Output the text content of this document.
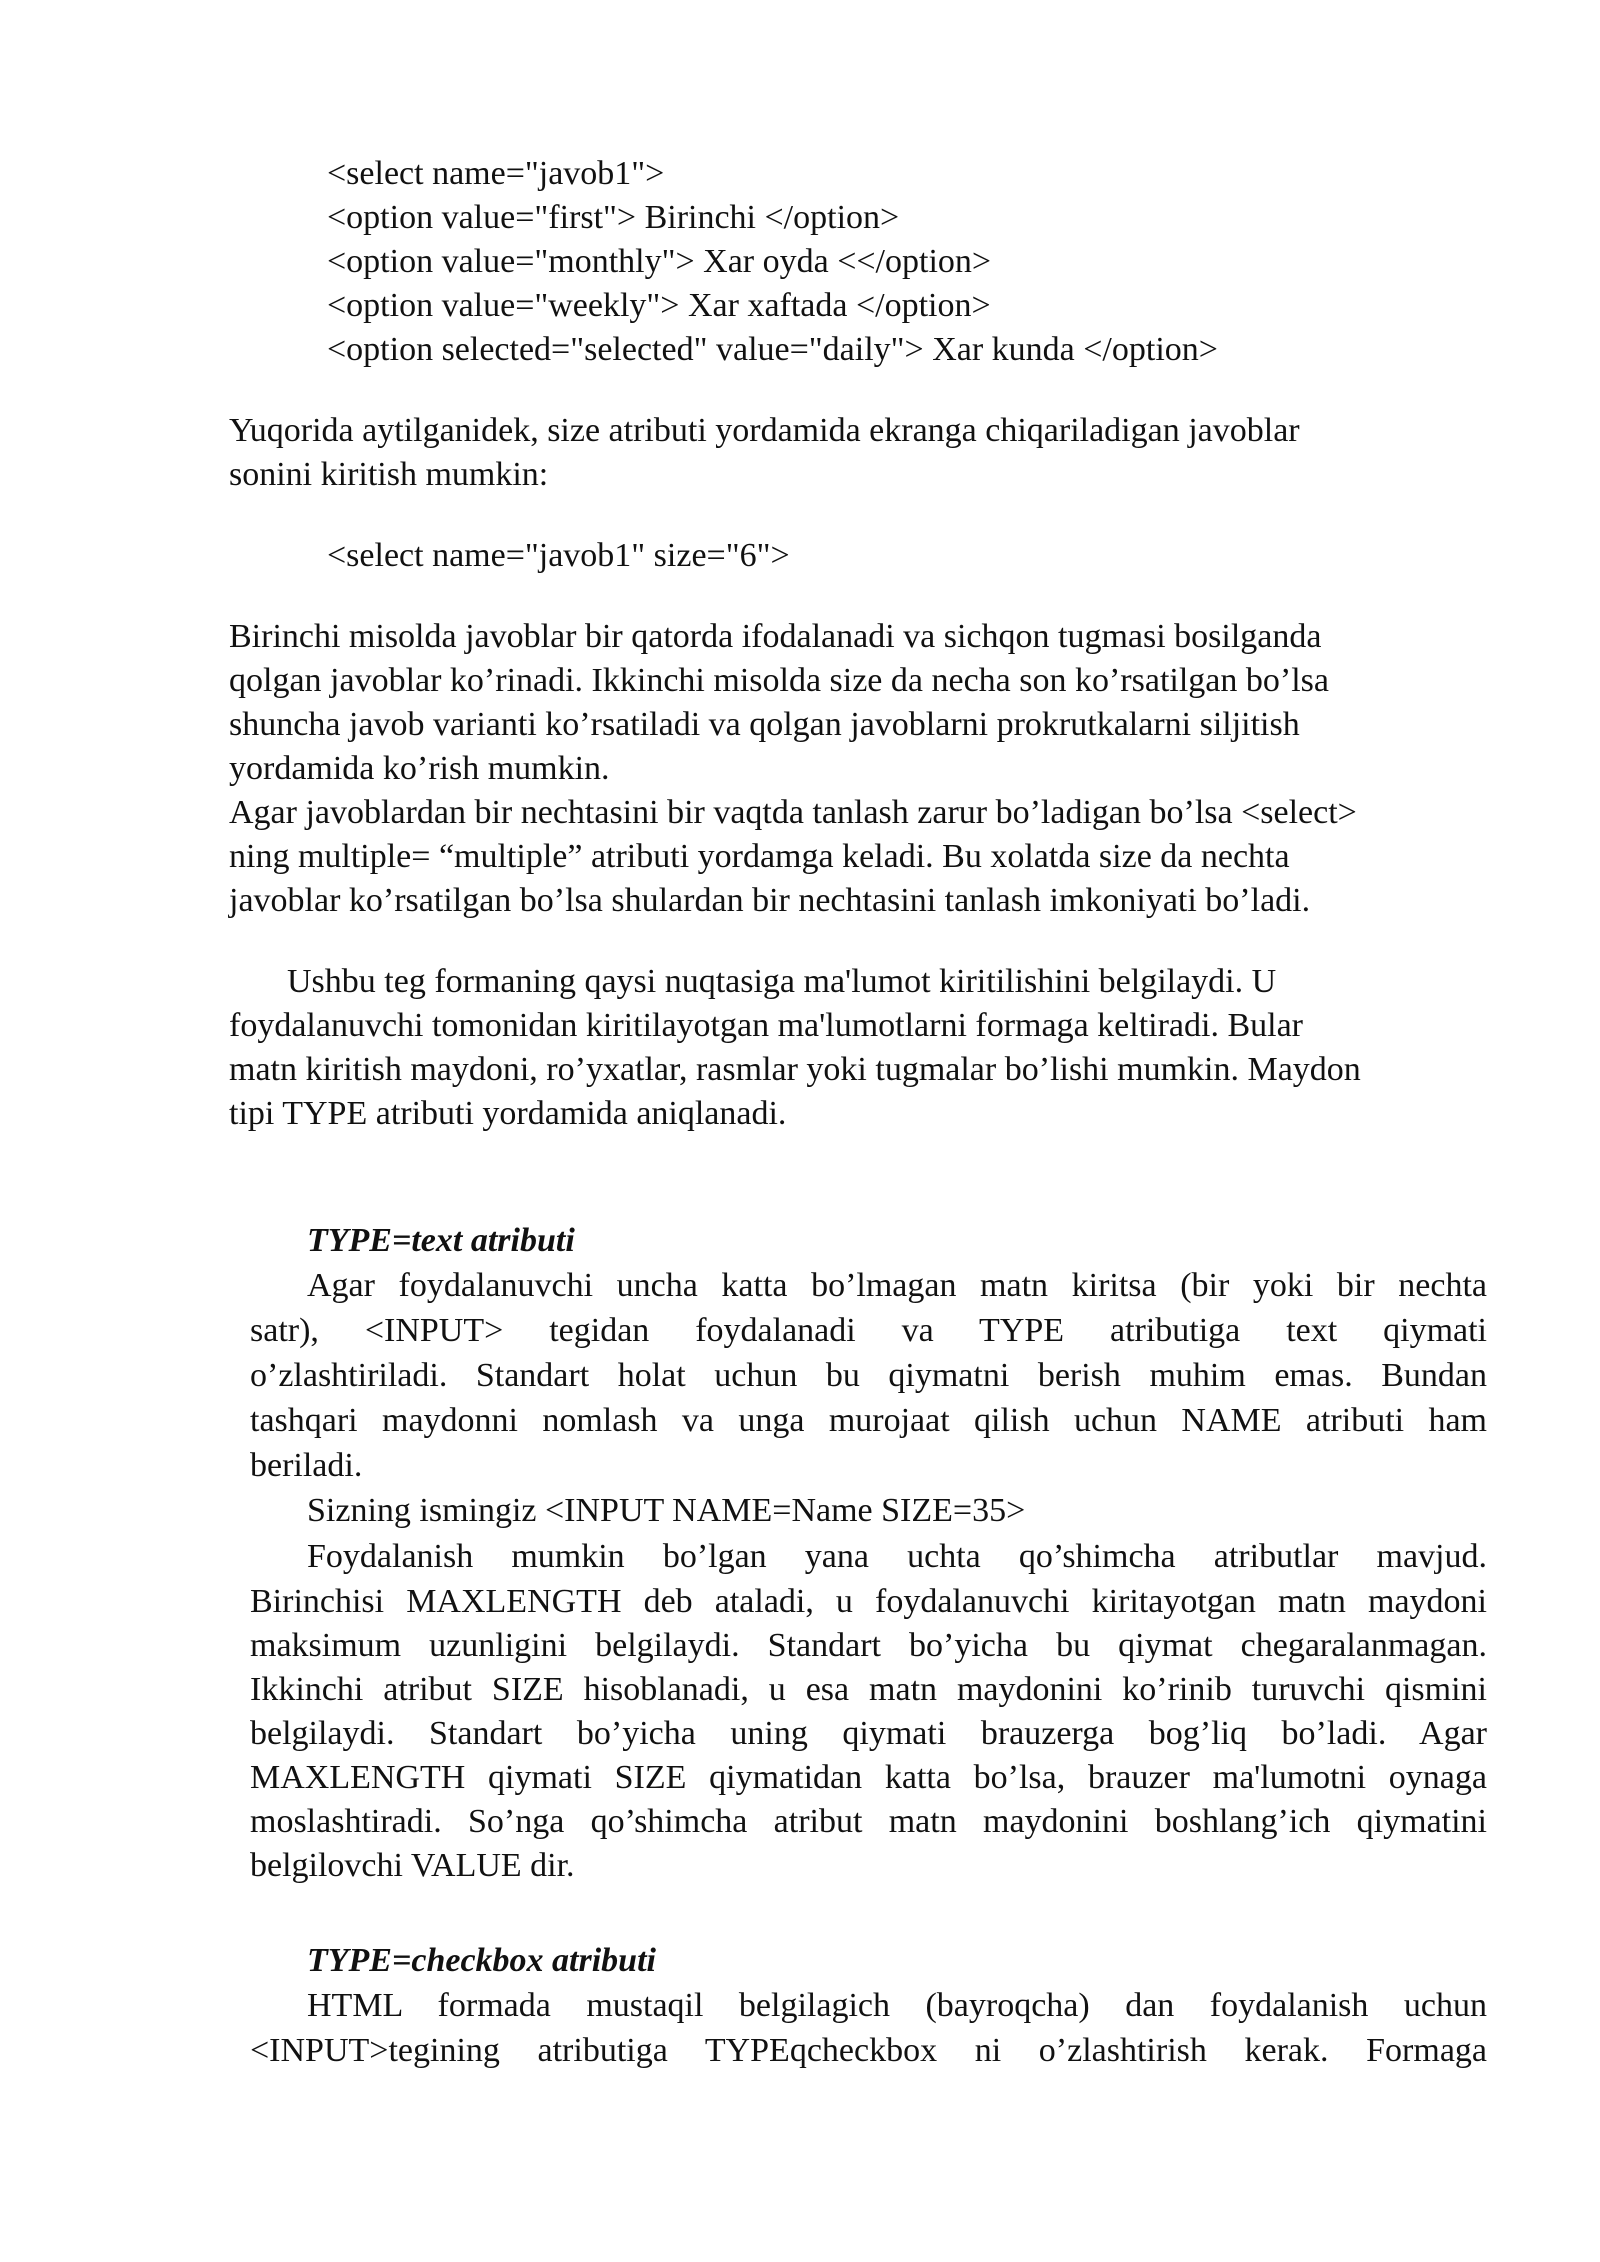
<select name="javob1">
<option value="first"> Birinchi </option>
<option value="monthly"> Xar oyda <</option>
<option value="weekly"> Xar xaftada </option>
<option selected="selected" value="daily"> Xar kunda </option>
Yuqorida aytilganidek, size atributi yordamida ekranga chiqariladigan javoblar
sonini kiritish mumkin:
<select name="javob1" size="6">
Birinchi misolda javoblar bir qatorda ifodalanadi va sichqon tugmasi bosilganda
qolgan javoblar ko’rinadi. Ikkinchi misolda size da necha son ko’rsatilgan bo’lsa
shuncha javob varianti ko’rsatiladi va qolgan javoblarni prokrutkalarni siljitish
yordamida ko’rish mumkin.
Agar javoblardan bir nechtasini bir vaqtda tanlash zarur bo’ladigan bo’lsa <select>
ning multiple= “multiple” atributi yordamga keladi. Bu xolatda size da nechta
javoblar ko’rsatilgan bo’lsa shulardan bir nechtasini tanlash imkoniyati bo’ladi.
Ushbu teg formaning qaysi nuqtasiga ma'lumot kiritilishini belgilaydi. U
foydalanuvchi tomonidan kiritilayotgan ma'lumotlarni formaga keltiradi. Bular
matn kiritish maydoni, ro’yxatlar, rasmlar yoki tugmalar bo’lishi mumkin. Maydon
tipi TYPE atributi yordamida aniqlanadi.
TYPE=text atributi
Agar foydalanuvchi uncha katta bo’lmagan matn kiritsa (bir yoki bir nechta
satr), <INPUT> tegidan foydalanadi va TYPE atributiga text qiymati
o’zlashtiriladi. Standart holat uchun bu qiymatni berish muhim emas. Bundan
tashqari maydonni nomlash va unga murojaat qilish uchun NAME atributi ham
beriladi.
Sizning ismingiz <INPUT NAME=Name SIZE=35>
Foydalanish mumkin bo’lgan yana uchta qo’shimcha atributlar mavjud.
Birinchisi MAXLENGTH deb ataladi, u foydalanuvchi kiritayotgan matn maydoni
maksimum uzunligini belgilaydi. Standart bo’yicha bu qiymat chegaralanmagan.
Ikkinchi atribut SIZE hisoblanadi, u esa matn maydonini ko’rinib turuvchi qismini
belgilaydi. Standart bo’yicha uning qiymati brauzerga bog’liq bo’ladi. Agar
MAXLENGTH qiymati SIZE qiymatidan katta bo’lsa, brauzer ma'lumotni oynaga
moslashtiradi. So’nga qo’shimcha atribut matn maydonini boshlang’ich qiymatini
belgilovchi VALUE dir.
TYPE=checkbox atributi
HTML formada mustaqil belgilagich (bayroqcha) dan foydalanish uchun
<INPUT>tegining atributiga TYPEqcheckbox ni o’zlashtirish kerak. Formaga
